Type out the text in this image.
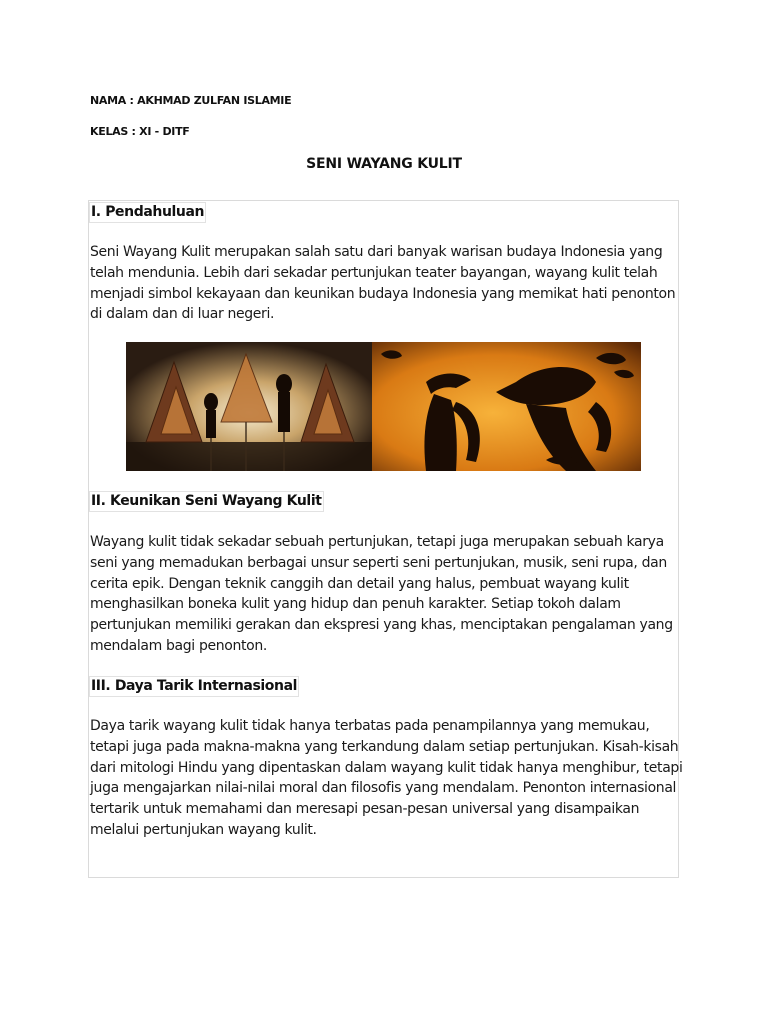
NAMA : AKHMAD ZULFAN ISLAMIE

KELAS : XI - DITF

SENI WAYANG KULIT
I. Pendahuluan

Seni Wayang Kulit merupakan salah satu dari banyak warisan budaya Indonesia yang telah mendunia. Lebih dari sekadar pertunjukan teater bayangan, wayang kulit telah menjadi simbol kekayaan dan keunikan budaya Indonesia yang memikat hati penonton di dalam dan di luar negeri.

II. Keunikan Seni Wayang Kulit

Wayang kulit tidak sekadar sebuah pertunjukan, tetapi juga merupakan sebuah karya seni yang memadukan berbagai unsur seperti seni pertunjukan, musik, seni rupa, dan cerita epik. Dengan teknik canggih dan detail yang halus, pembuat wayang kulit menghasilkan boneka kulit yang hidup dan penuh karakter. Setiap tokoh dalam pertunjukan memiliki gerakan dan ekspresi yang khas, menciptakan pengalaman yang mendalam bagi penonton.

III. Daya Tarik Internasional

Daya tarik wayang kulit tidak hanya terbatas pada penampilannya yang memukau, tetapi juga pada makna-makna yang terkandung dalam setiap pertunjukan. Kisah-kisah dari mitologi Hindu yang dipentaskan dalam wayang kulit tidak hanya menghibur, tetapi juga mengajarkan nilai-nilai moral dan filosofis yang mendalam. Penonton internasional tertarik untuk memahami dan meresapi pesan-pesan universal yang disampaikan melalui pertunjukan wayang kulit.
